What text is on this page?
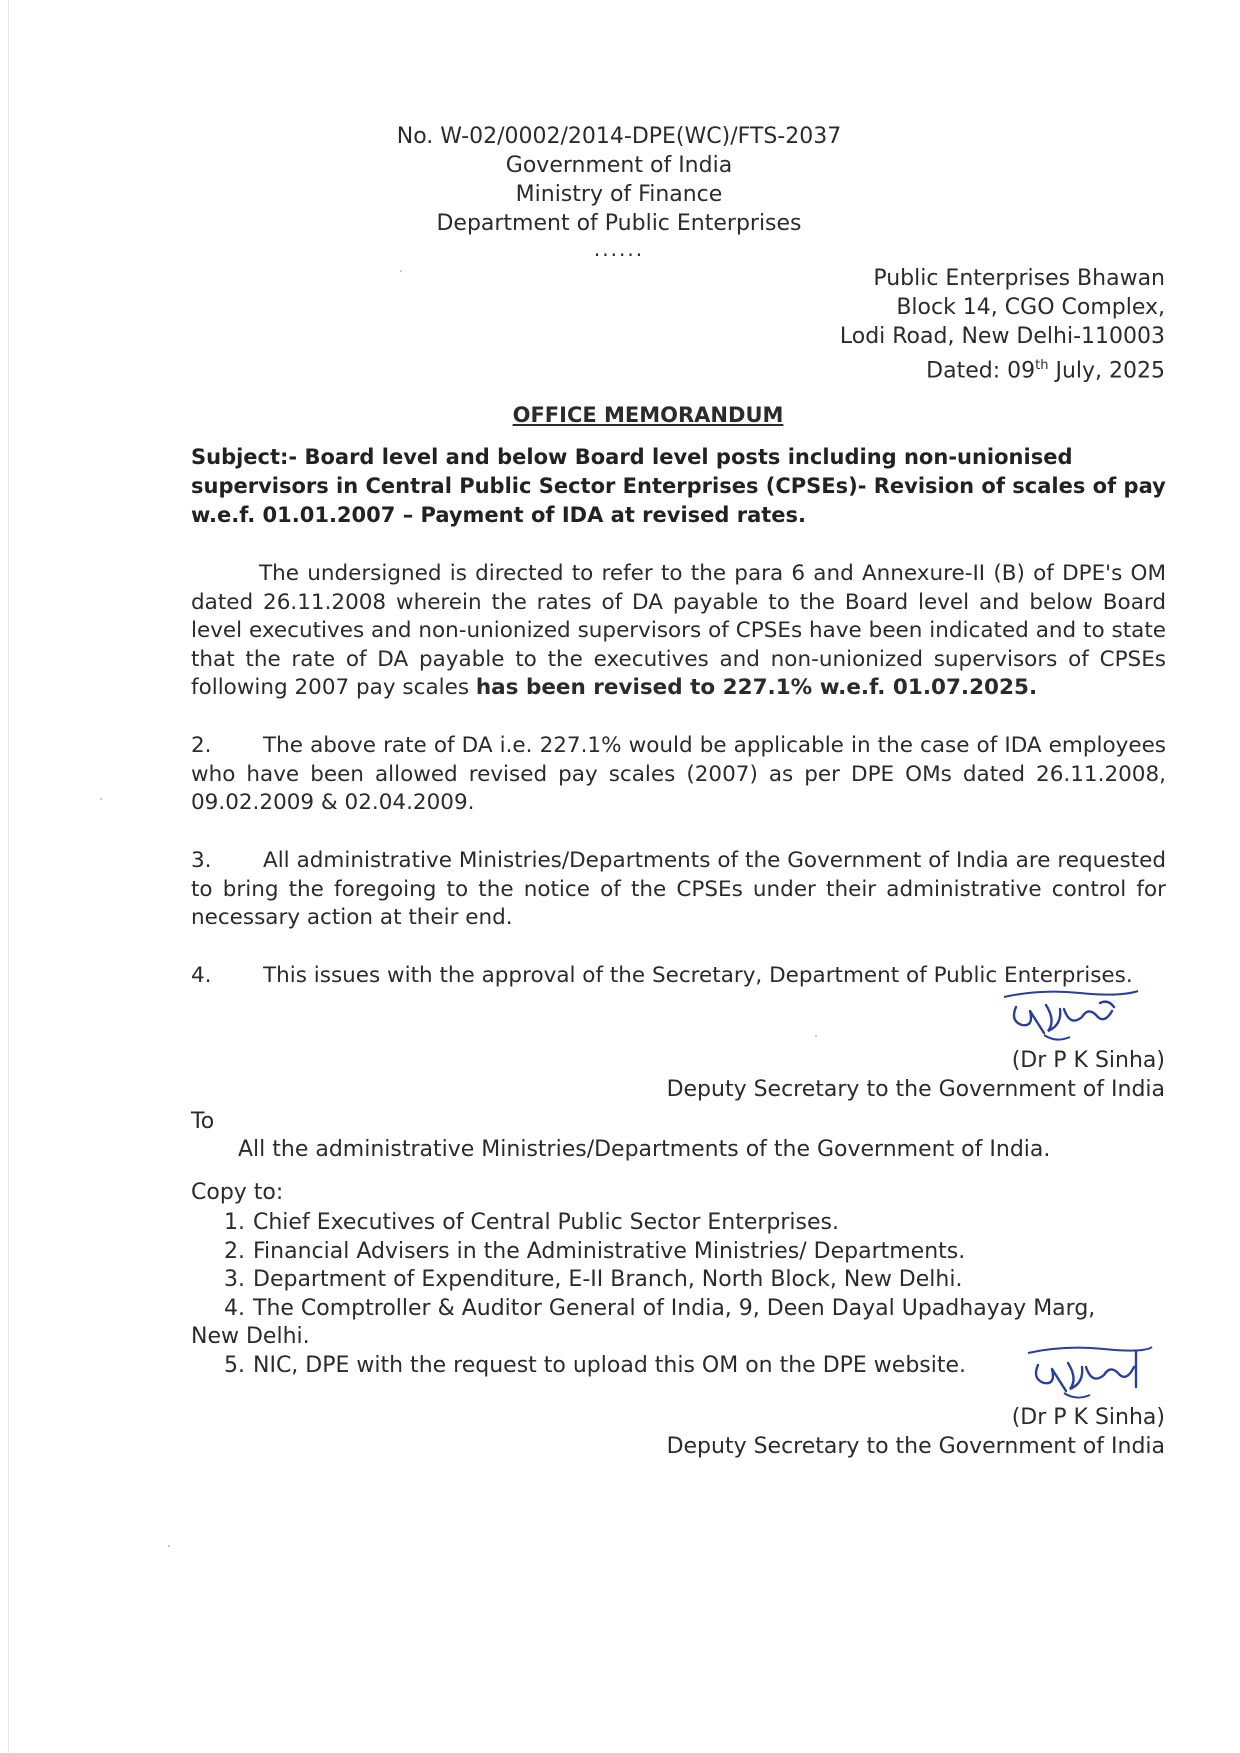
No. W-02/0002/2014-DPE(WC)/FTS-2037
Government of India
Ministry of Finance
Department of Public Enterprises
......
Public Enterprises Bhawan
Block 14, CGO Complex,
Lodi Road, New Delhi-110003
Dated: 09th July, 2025
OFFICE MEMORANDUM
Subject:- Board level and below Board level posts including non-unionised supervisors in Central Public Sector Enterprises (CPSEs)- Revision of scales of pay w.e.f. 01.01.2007 – Payment of IDA at revised rates.
The undersigned is directed to refer to the para 6 and Annexure-II (B) of DPE's OM dated 26.11.2008 wherein the rates of DA payable to the Board level and below Board level executives and non-unionized supervisors of CPSEs have been indicated and to state that the rate of DA payable to the executives and non-unionized supervisors of CPSEs following 2007 pay scales has been revised to 227.1% w.e.f. 01.07.2025.
2. The above rate of DA i.e. 227.1% would be applicable in the case of IDA employees who have been allowed revised pay scales (2007) as per DPE OMs dated 26.11.2008, 09.02.2009 & 02.04.2009.
3. All administrative Ministries/Departments of the Government of India are requested to bring the foregoing to the notice of the CPSEs under their administrative control for necessary action at their end.
4. This issues with the approval of the Secretary, Department of Public Enterprises.
(Dr P K Sinha)
Deputy Secretary to the Government of India
To
All the administrative Ministries/Departments of the Government of India.
Copy to:
1. Chief Executives of Central Public Sector Enterprises.
2. Financial Advisers in the Administrative Ministries/ Departments.
3. Department of Expenditure, E-II Branch, North Block, New Delhi.
4. The Comptroller & Auditor General of India, 9, Deen Dayal Upadhayay Marg,
New Delhi.
5. NIC, DPE with the request to upload this OM on the DPE website.
(Dr P K Sinha)
Deputy Secretary to the Government of India
